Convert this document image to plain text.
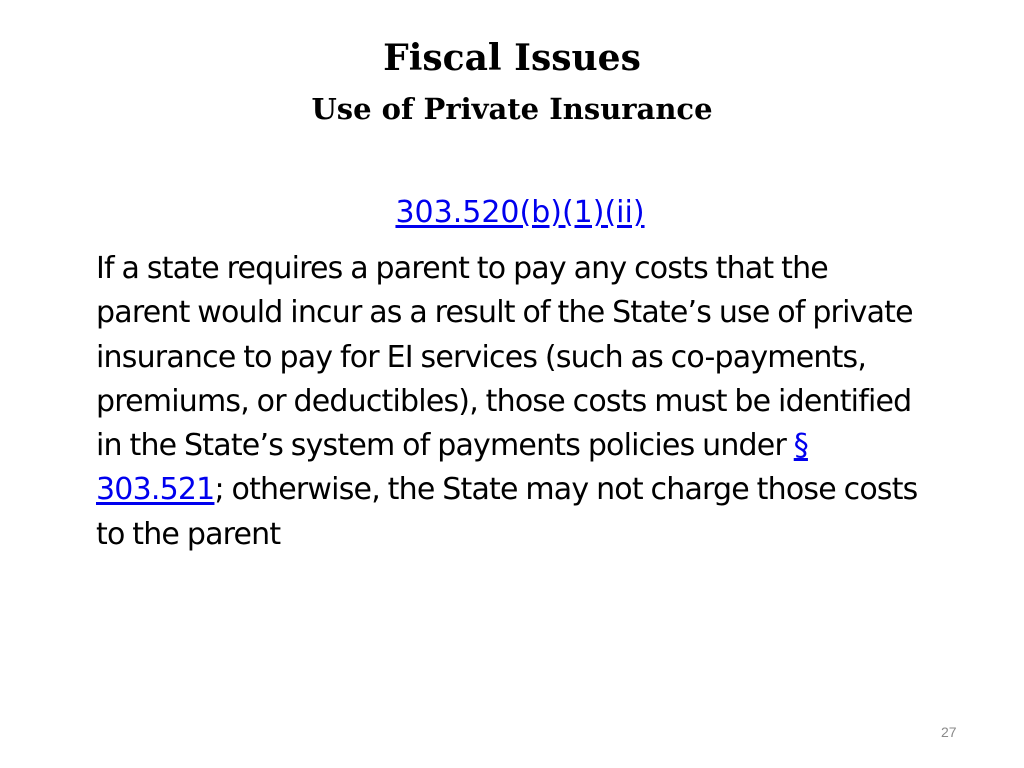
Fiscal Issues
Use of Private Insurance
303.520(b)(1)(ii)

If a state requires a parent to pay any costs that the parent would incur as a result of the State’s use of private insurance to pay for EI services (such as co-payments, premiums, or deductibles), those costs must be identified in the State’s system of payments policies under § 303.521; otherwise, the State may not charge those costs to the parent

27
